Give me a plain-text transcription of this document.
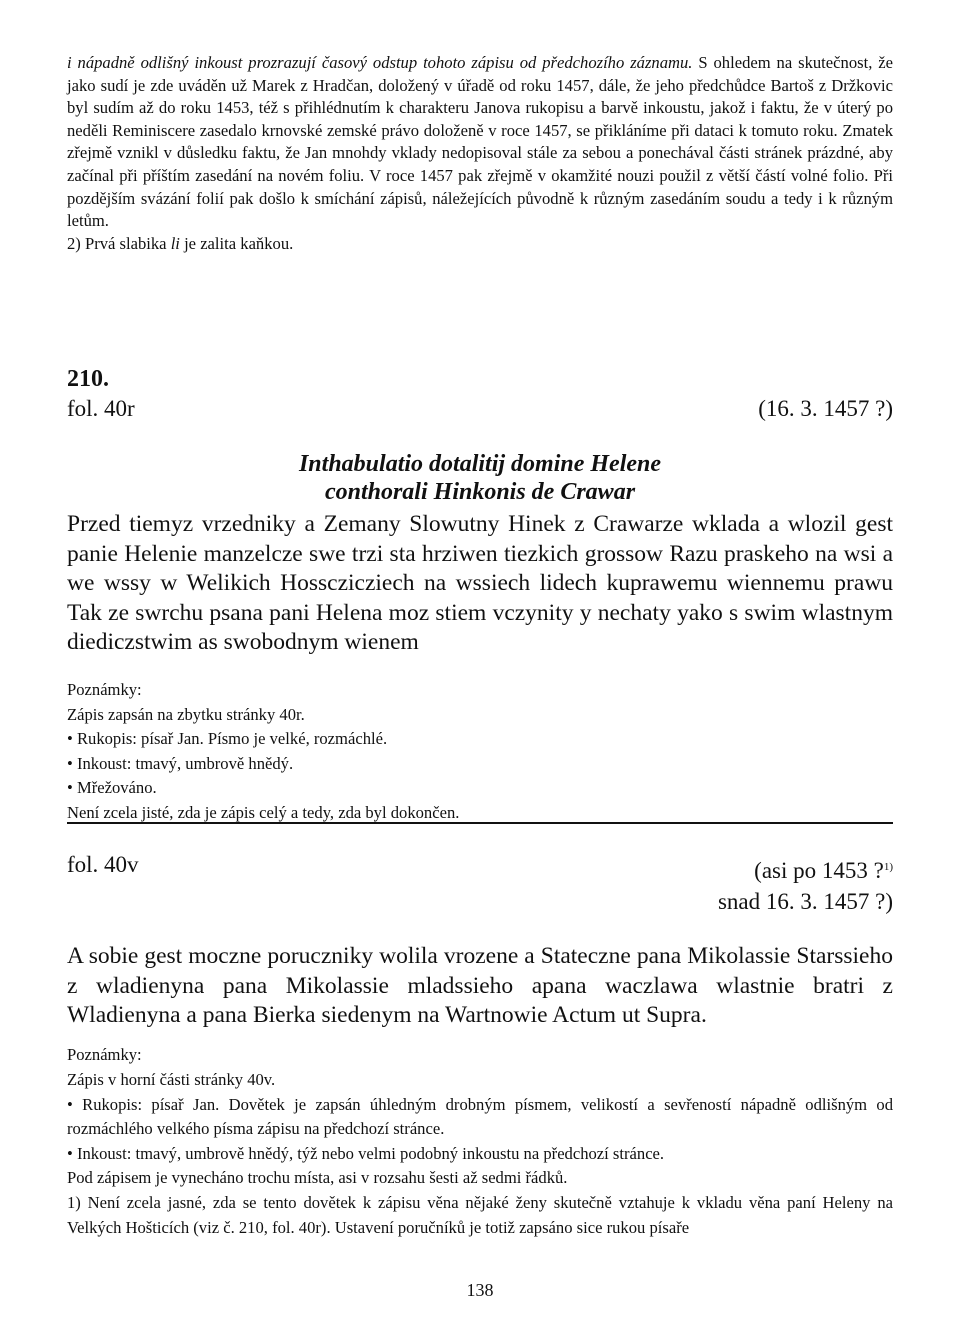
i nápadně odlišný inkoust prozrazují časový odstup tohoto zápisu od předchozího záznamu. S ohledem na skutečnost, že jako sudí je zde uváděn už Marek z Hradčan, doložený v úřadě od roku 1457, dále, že jeho předchůdce Bartoš z Držkovic byl sudím až do roku 1453, též s přihlédnutím k charakteru Janova rukopisu a barvě inkoustu, jakož i faktu, že v úterý po neděli Reminiscere zasedalo krnovské zemské právo doloženě v roce 1457, se přikláníme při dataci k tomuto roku. Zmatek zřejmě vznikl v důsledku faktu, že Jan mnohdy vklady nedopisoval stále za sebou a ponechával části stránek prázdné, aby začínal při příštím zasedání na novém foliu. V roce 1457 pak zřejmě v okamžité nouzi použil z větší částí volné folio. Při pozdějším svázání folií pak došlo k smíchání zápisů, náležejících původně k různým zasedáním soudu a tedy i k různým letům.

2) Prvá slabika li je zalita kaňkou.

210.
fol. 40r	(16. 3. 1457 ?)
Inthabulatio dotalitij domine Helene
conthorali Hinkonis de Crawar
Przed tiemyz vrzedniky a Zemany Slowutny Hinek z Crawarze wklada a wlozil gest panie Helenie manzelcze swe trzi sta hrziwen tiezkich grossow Razu praskeho na wsi a we wssy w Welikich Hossczicziech na wssiech lidech kuprawemu wiennemu prawu Tak ze swrchu psana pani Helena moz stiem vczynity y nechaty yako s swim wlastnym diediczstwim as swobodnym wienem

Poznámky:

Zápis zapsán na zbytku stránky 40r.

• Rukopis: písař Jan. Písmo je velké, rozmáchlé.

• Inkoust: tmavý, umbrově hnědý.

• Mřežováno.

Není zcela jisté, zda je zápis celý a tedy, zda byl dokončen.

fol. 40v	(asi po 1453 ?$^{1)}$
snad 16. 3. 1457 ?)
A sobie gest moczne poruczniky wolila vrozene a Stateczne pana Mikolassie Starssieho z wladienyna pana Mikolassie mladssieho apana waczlawa wlastnie bratri z Wladienyna a pana Bierka siedenym na Wartnowie Actum ut Supra.

Poznámky:

Zápis v horní části stránky 40v.

• Rukopis: písař Jan. Dovětek je zapsán úhledným drobným písmem, velikostí a sevřeností nápadně odlišným od rozmáchlého velkého písma zápisu na předchozí stránce.

• Inkoust: tmavý, umbrově hnědý, týž nebo velmi podobný inkoustu na předchozí stránce.

Pod zápisem je vynecháno trochu místa, asi v rozsahu šesti až sedmi řádků.

1) Není zcela jasné, zda se tento dovětek k zápisu věna nějaké ženy skutečně vztahuje k vkladu věna paní Heleny na Velkých Hošticích (viz č. 210, fol. 40r). Ustavení poručníků je totiž zapsáno sice rukou písaře

138
